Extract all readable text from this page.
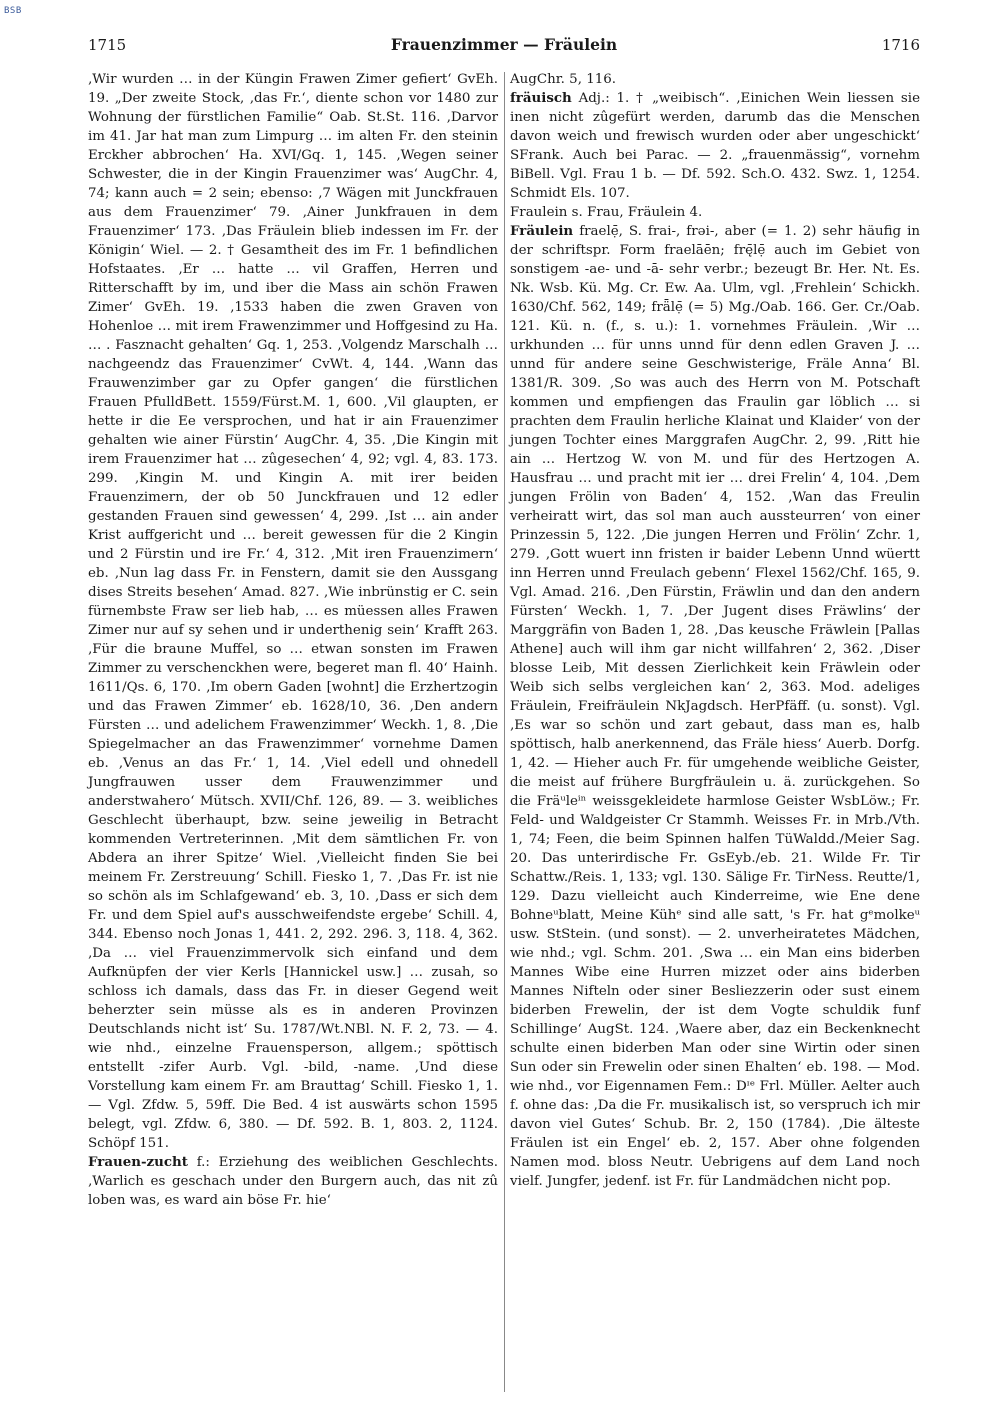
BSB
1715	Frauenzimmer — Fräulein	1716

‚Wir wurden … in der Küngin Frawen Zimer gefiert‘ GvEh. 19. „Der zweite Stock, ‚das Fr.‘, diente schon vor 1480 zur Wohnung der fürstlichen Familie“ Oab. St.St. 116. ‚Darvor im 41. Jar hat man zum Limpurg … im alten Fr. den steinin Erckher abbrochen‘ Ha. XVI/Gq. 1, 145. ‚Wegen seiner Schwester, die in der Kingin Frauenzimer was‘ AugChr. 4, 74; kann auch = 2 sein; ebenso: ‚7 Wägen mit Junckfrauen aus dem Frauenzimer‘ 79. ‚Ainer Junkfrauen in dem Frauenzimer‘ 173. ‚Das Fräulein blieb indessen im Fr. der Königin‘ Wiel. — 2. † Gesamtheit des im Fr. 1 befindlichen Hofstaates. ‚Er … hatte … vil Graffen, Herren und Ritterschafft by im, und iber die Mass ain schön Frawen Zimer‘ GvEh. 19. ‚1533 haben die zwen Graven von Hohenloe … mit irem Frawenzimmer und Hoffgesind zu Ha. … . Fasznacht gehalten‘ Gq. 1, 253. ‚Volgendz Marschalh … nachgeendz das Frauenzimer‘ CvWt. 4, 144. ‚Wann das Frauwenzimber gar zu Opfer gangen‘ die fürstlichen Frauen PfulldBett. 1559/Fürst.M. 1, 600. ‚Vil glaupten, er hette ir die Ee versprochen, und hat ir ain Frauenzimer gehalten wie ainer Fürstin‘ AugChr. 4, 35. ‚Die Kingin mit irem Frauenzimer hat … zûgesechen‘ 4, 92; vgl. 4, 83. 173. 299. ‚Kingin M. und Kingin A. mit irer beiden Frauenzimern, der ob 50 Junckfrauen und 12 edler gestanden Frauen sind gewessen‘ 4, 299. ‚Ist … ain ander Krist auffgericht und … bereit gewessen für die 2 Kingin und 2 Fürstin und ire Fr.‘ 4, 312. ‚Mit iren Frauenzimern‘ eb. ‚Nun lag dass Fr. in Fenstern, damit sie den Aussgang dises Streits besehen‘ Amad. 827. ‚Wie inbrünstig er C. sein fürnembste Fraw ser lieb hab, … es müessen alles Frawen Zimer nur auf sy sehen und ir underthenig sein‘ Krafft 263. ‚Für die braune Muffel, so … etwan sonsten im Frawen Zimmer zu verschenckhen were, begeret man fl. 40‘ Hainh. 1611/Qs. 6, 170. ‚Im obern Gaden [wohnt] die Erzhertzogin und das Frawen Zimmer‘ eb. 1628/10, 36. ‚Den andern Fürsten … und adelichem Frawenzimmer‘ Weckh. 1, 8. ‚Die Spiegelmacher an das Frawenzimmer‘ vornehme Damen eb. ‚Venus an das Fr.‘ 1, 14. ‚Viel edell und ohnedell Jungfrauwen usser dem Frauwenzimmer und anderstwahero‘ Mütsch. XVII/Chf. 126, 89. — 3. weibliches Geschlecht überhaupt, bzw. seine jeweilig in Betracht kommenden Vertreterinnen. ‚Mit dem sämtlichen Fr. von Abdera an ihrer Spitze‘ Wiel. ‚Vielleicht finden Sie bei meinem Fr. Zerstreuung‘ Schill. Fiesko 1, 7. ‚Das Fr. ist nie so schön als im Schlafgewand‘ eb. 3, 10. ‚Dass er sich dem Fr. und dem Spiel auf's ausschweifendste ergebe‘ Schill. 4, 344. Ebenso noch Jonas 1, 441. 2, 292. 296. 3, 118. 4, 362. ‚Da … viel Frauenzimmervolk sich einfand und dem Aufknüpfen der vier Kerls [Hannickel usw.] … zusah, so schloss ich damals, dass das Fr. in dieser Gegend weit beherzter sein müsse als es in anderen Provinzen Deutschlands nicht ist‘ Su. 1787/Wt.NBl. N. F. 2, 73. — 4. wie nhd., einzelne Frauensperson, allgem.; spöttisch entstellt -zifer Aurb. Vgl. -bild, -name. ‚Und diese Vorstellung kam einem Fr. am Brauttag‘ Schill. Fiesko 1, 1. — Vgl. Zfdw. 5, 59ff. Die Bed. 4 ist auswärts schon 1595 belegt, vgl. Zfdw. 6, 380. — Df. 592. B. 1, 803. 2, 1124. Schöpf 151.

Frauen-zucht f.: Erziehung des weiblichen Geschlechts. ‚Warlich es geschach under den Burgern auch, das nit zû loben was, es ward ain böse Fr. hie‘

AugChr. 5, 116.

fräuisch Adj.: 1. † „weibisch“. ‚Einichen Wein liessen sie inen nicht zûgefürt werden, darumb das die Menschen davon weich und frewisch wurden oder aber ungeschickt‘ SFrank. Auch bei Parac. — 2. „frauenmässig“, vornehm BiBell. Vgl. Frau 1 b. — Df. 592. Sch.O. 432. Swz. 1, 1254. Schmidt Els. 107.

Fraulein s. Frau, Fräulein 4.

Fräulein fraelẹ̄, S. frai-, frəi-, aber (= 1. 2) sehr häufig in der schriftspr. Form fraelāēn; frę̄lẹ̄ auch im Gebiet von sonstigem -ae- und -ā- sehr verbr.; bezeugt Br. Her. Nt. Es. Nk. Wsb. Kü. Mg. Cr. Ew. Aa. Ulm, vgl. ‚Frehlein‘ Schickh. 1630/Chf. 562, 149; frǟlẹ̄ (= 5) Mg./Oab. 166. Ger. Cr./Oab. 121. Kü. n. (f., s. u.): 1. vornehmes Fräulein. ‚Wir … urkhunden … für unns unnd für denn edlen Graven J. … unnd für andere seine Geschwisterige, Fräle Anna‘ Bl. 1381/R. 309. ‚So was auch des Herrn von M. Potschaft kommen und empfiengen das Fraulin gar löblich … si prachten dem Fraulin herliche Klainat und Klaider‘ von der jungen Tochter eines Marggrafen AugChr. 2, 99. ‚Ritt hie ain … Hertzog W. von M. und für des Hertzogen A. Hausfrau … und pracht mit ier … drei Frelin‘ 4, 104. ‚Dem jungen Frölin von Baden‘ 4, 152. ‚Wan das Freulin verheiratt wirt, das sol man auch aussteurren‘ von einer Prinzessin 5, 122. ‚Die jungen Herren und Frölin‘ Zchr. 1, 279. ‚Gott wuert inn fristen ir baider Lebenn Unnd wüertt inn Herren unnd Freulach gebenn‘ Flexel 1562/Chf. 165, 9. Vgl. Amad. 216. ‚Den Fürstin, Fräwlin und dan den andern Fürsten‘ Weckh. 1, 7. ‚Der Jugent dises Fräwlins‘ der Marggräfin von Baden 1, 28. ‚Das keusche Fräwlein [Pallas Athene] auch will ihm gar nicht willfahren‘ 2, 362. ‚Diser blosse Leib, Mit dessen Zierlichkeit kein Fräwlein oder Weib sich selbs vergleichen kan‘ 2, 363. Mod. adeliges Fräulein, Freifräulein NkJagdsch. HerPfäff. (u. sonst). Vgl. ‚Es war so schön und zart gebaut, dass man es, halb spöttisch, halb anerkennend, das Fräle hiess‘ Auerb. Dorfg. 1, 42. — Hieher auch Fr. für umgehende weibliche Geister, die meist auf frühere Burgfräulein u. ä. zurückgehen. So die Fräᵘleⁱⁿ weissgekleidete harmlose Geister WsbLöw.; Fr. Feld- und Waldgeister Cr Stammh. Weisses Fr. in Mrb./Vth. 1, 74; Feen, die beim Spinnen halfen TüWaldd./Meier Sag. 20. Das unterirdische Fr. GsEyb./eb. 21. Wilde Fr. Tir Schattw./Reis. 1, 133; vgl. 130. Sälige Fr. TirNess. Reutte/1, 129. Dazu vielleicht auch Kinderreime, wie Ene dene Bohneᵘblatt, Meine Kühᵉ sind alle satt, 's Fr. hat gᵉmolkeᵘ usw. StStein. (und sonst). — 2. unverheiratetes Mädchen, wie nhd.; vgl. Schm. 201. ‚Swa … ein Man eins biderben Mannes Wibe eine Hurren mizzet oder ains biderben Mannes Nifteln oder siner Besliezzerin oder sust einem biderben Frewelin, der ist dem Vogte schuldik funf Schillinge‘ AugSt. 124. ‚Waere aber, daz ein Beckenknecht schulte einen biderben Man oder sine Wirtin oder sinen Sun oder sin Frewelin oder sinen Ehalten‘ eb. 198. — Mod. wie nhd., vor Eigennamen Fem.: Dᶦᵉ Frl. Müller. Aelter auch f. ohne das: ‚Da die Fr. musikalisch ist, so verspruch ich mir davon viel Gutes‘ Schub. Br. 2, 150 (1784). ‚Die älteste Fräulen ist ein Engel‘ eb. 2, 157. Aber ohne folgenden Namen mod. bloss Neutr. Uebrigens auf dem Land noch vielf. Jungfer, jedenf. ist Fr. für Landmädchen nicht pop.
